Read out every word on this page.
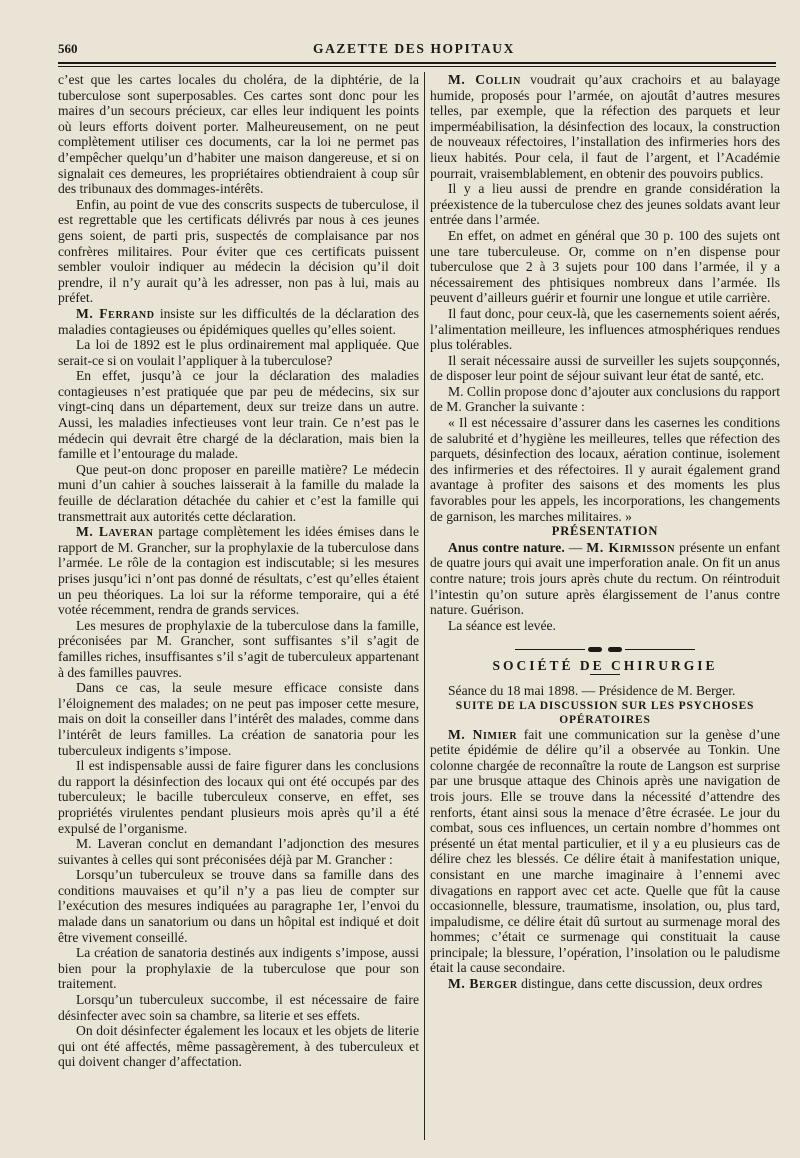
560	GAZETTE DES HOPITAUX

c’est que les cartes locales du choléra, de la diphtérie, de la tuberculose sont superposables. Ces cartes sont donc pour les maires d’un secours précieux, car elles leur indiquent les points où leurs efforts doivent porter. Malheureusement, on ne peut complètement utiliser ces documents, car la loi ne permet pas d’empêcher quelqu’un d’habiter une maison dangereuse, et si on signalait ces demeures, les propriétaires obtiendraient à coup sûr des tribunaux des dommages-intérêts.

Enfin, au point de vue des conscrits suspects de tuberculose, il est regrettable que les certificats délivrés par nous à ces jeunes gens soient, de parti pris, suspectés de complaisance par nos confrères militaires. Pour éviter que ces certificats puissent sembler vouloir indiquer au médecin la décision qu’il doit prendre, il n’y aurait qu’à les adresser, non pas à lui, mais au préfet.

M. Ferrand insiste sur les difficultés de la déclaration des maladies contagieuses ou épidémiques quelles qu’elles soient.

La loi de 1892 est le plus ordinairement mal appliquée. Que serait-ce si on voulait l’appliquer à la tuberculose?

En effet, jusqu’à ce jour la déclaration des maladies contagieuses n’est pratiquée que par peu de médecins, six sur vingt-cinq dans un département, deux sur treize dans un autre. Aussi, les maladies infectieuses vont leur train. Ce n’est pas le médecin qui devrait être chargé de la déclaration, mais bien la famille et l’entourage du malade.

Que peut-on donc proposer en pareille matière? Le médecin muni d’un cahier à souches laisserait à la famille du malade la feuille de déclaration détachée du cahier et c’est la famille qui transmettrait aux autorités cette déclaration.

M. Laveran partage complètement les idées émises dans le rapport de M. Grancher, sur la prophylaxie de la tuberculose dans l’armée. Le rôle de la contagion est indiscutable; si les mesures prises jusqu’ici n’ont pas donné de résultats, c’est qu’elles étaient un peu théoriques. La loi sur la réforme temporaire, qui a été votée récemment, rendra de grands services.

Les mesures de prophylaxie de la tuberculose dans la famille, préconisées par M. Grancher, sont suffisantes s’il s’agit de familles riches, insuffisantes s’il s’agit de tuberculeux appartenant à des familles pauvres.

Dans ce cas, la seule mesure efficace consiste dans l’éloignement des malades; on ne peut pas imposer cette mesure, mais on doit la conseiller dans l’intérêt des malades, comme dans l’intérêt de leurs familles. La création de sanatoria pour les tuberculeux indigents s’impose.

Il est indispensable aussi de faire figurer dans les conclusions du rapport la désinfection des locaux qui ont été occupés par des tuberculeux; le bacille tuberculeux conserve, en effet, ses propriétés virulentes pendant plusieurs mois après qu’il a été expulsé de l’organisme.

M. Laveran conclut en demandant l’adjonction des mesures suivantes à celles qui sont préconisées déjà par M. Grancher :

Lorsqu’un tuberculeux se trouve dans sa famille dans des conditions mauvaises et qu’il n’y a pas lieu de compter sur l’exécution des mesures indiquées au paragraphe 1er, l’envoi du malade dans un sanatorium ou dans un hôpital est indiqué et doit être vivement conseillé.

La création de sanatoria destinés aux indigents s’impose, aussi bien pour la prophylaxie de la tuberculose que pour son traitement.

Lorsqu’un tuberculeux succombe, il est nécessaire de faire désinfecter avec soin sa chambre, sa literie et ses effets.

On doit désinfecter également les locaux et les objets de literie qui ont été affectés, même passagèrement, à des tuberculeux et qui doivent changer d’affectation.

M. Collin voudrait qu’aux crachoirs et au balayage humide, proposés pour l’armée, on ajoutât d’autres mesures telles, par exemple, que la réfection des parquets et leur imperméabilisation, la désinfection des locaux, la construction de nouveaux réfectoires, l’installation des infirmeries hors des lieux habités. Pour cela, il faut de l’argent, et l’Académie pourrait, vraisemblablement, en obtenir des pouvoirs publics.

Il y a lieu aussi de prendre en grande considération la préexistence de la tuberculose chez des jeunes soldats avant leur entrée dans l’armée.

En effet, on admet en général que 30 p. 100 des sujets ont une tare tuberculeuse. Or, comme on n’en dispense pour tuberculose que 2 à 3 sujets pour 100 dans l’armée, il y a nécessairement des phtisiques nombreux dans l’armée. Ils peuvent d’ailleurs guérir et fournir une longue et utile carrière.

Il faut donc, pour ceux-là, que les casernements soient aérés, l’alimentation meilleure, les influences atmosphériques rendues plus tolérables.

Il serait nécessaire aussi de surveiller les sujets soupçonnés, de disposer leur point de séjour suivant leur état de santé, etc.

M. Collin propose donc d’ajouter aux conclusions du rapport de M. Grancher la suivante :

« Il est nécessaire d’assurer dans les casernes les conditions de salubrité et d’hygiène les meilleures, telles que réfection des parquets, désinfection des locaux, aération continue, isolement des infirmeries et des réfectoires. Il y aurait également grand avantage à profiter des saisons et des moments les plus favorables pour les appels, les incorporations, les changements de garnison, les marches militaires. »

PRÉSENTATION

Anus contre nature. — M. Kirmisson présente un enfant de quatre jours qui avait une imperforation anale. On fit un anus contre nature; trois jours après chute du rectum. On réintroduit l’intestin qu’on suture après élargissement de l’anus contre nature. Guérison.

La séance est levée.

SOCIÉTÉ DE CHIRURGIE

Séance du 18 mai 1898. — Présidence de M. Berger.

SUITE DE LA DISCUSSION SUR LES PSYCHOSES OPÉRATOIRES

M. Nimier fait une communication sur la genèse d’une petite épidémie de délire qu’il a observée au Tonkin. Une colonne chargée de reconnaître la route de Langson est surprise par une brusque attaque des Chinois après une navigation de trois jours. Elle se trouve dans la nécessité d’attendre des renforts, étant ainsi sous la menace d’être écrasée. Le jour du combat, sous ces influences, un certain nombre d’hommes ont présenté un état mental particulier, et il y a eu plusieurs cas de délire chez les blessés. Ce délire était à manifestation unique, consistant en une marche imaginaire à l’ennemi avec divagations en rapport avec cet acte. Quelle que fût la cause occasionnelle, blessure, traumatisme, insolation, ou, plus tard, impaludisme, ce délire était dû surtout au surmenage moral des hommes; c’était ce surmenage qui constituait la cause principale; la blessure, l’opération, l’insolation ou le paludisme était la cause secondaire.

M. Berger distingue, dans cette discussion, deux ordres
